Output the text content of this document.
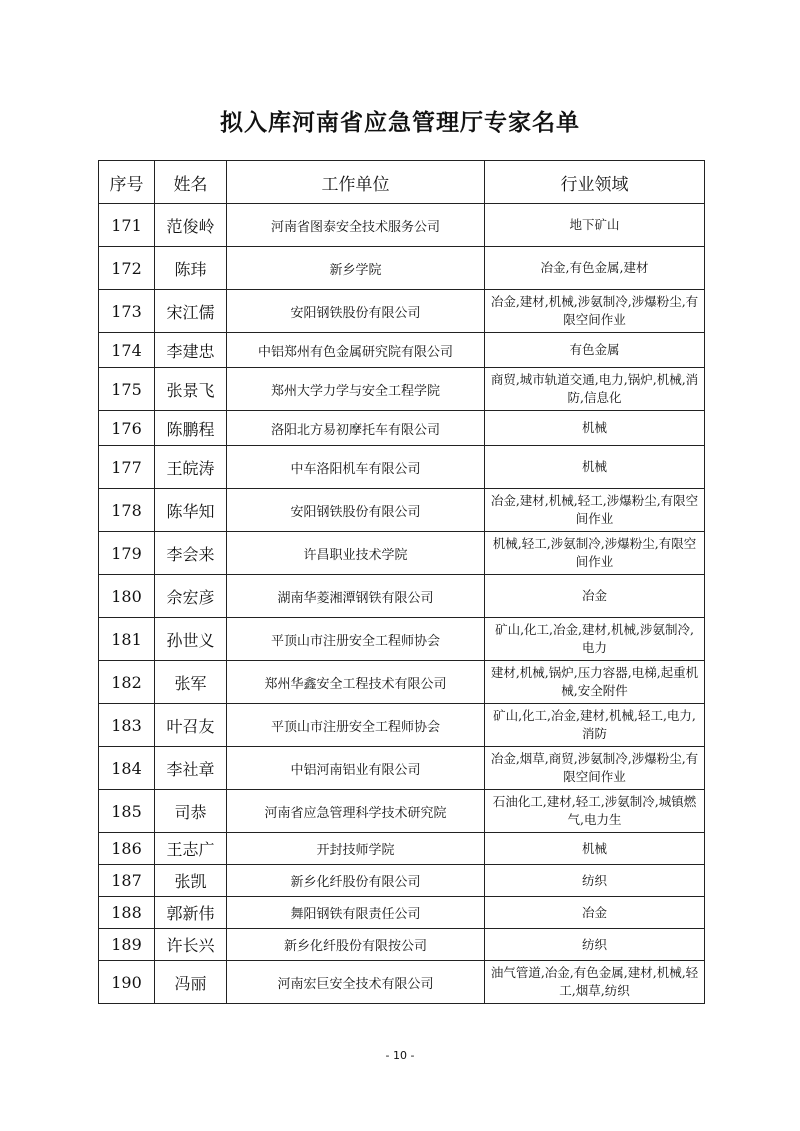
拟入库河南省应急管理厅专家名单
序号	姓名	工作单位	行业领域
171	范俊岭	河南省图泰安全技术服务公司	地下矿山
172	陈玮	新乡学院	冶金,有色金属,建材
173	宋江儒	安阳钢铁股份有限公司	冶金,建材,机械,涉氨制冷,涉爆粉尘,有限空间作业
174	李建忠	中铝郑州有色金属研究院有限公司	有色金属
175	张景飞	郑州大学力学与安全工程学院	商贸,城市轨道交通,电力,锅炉,机械,消防,信息化
176	陈鹏程	洛阳北方易初摩托车有限公司	机械
177	王皖涛	中车洛阳机车有限公司	机械
178	陈华知	安阳钢铁股份有限公司	冶金,建材,机械,轻工,涉爆粉尘,有限空间作业
179	李会来	许昌职业技术学院	机械,轻工,涉氨制冷,涉爆粉尘,有限空间作业
180	佘宏彦	湖南华菱湘潭钢铁有限公司	冶金
181	孙世义	平顶山市注册安全工程师协会	矿山,化工,冶金,建材,机械,涉氨制冷,电力
182	张军	郑州华鑫安全工程技术有限公司	建材,机械,锅炉,压力容器,电梯,起重机械,安全附件
183	叶召友	平顶山市注册安全工程师协会	矿山,化工,冶金,建材,机械,轻工,电力,消防
184	李社章	中铝河南铝业有限公司	冶金,烟草,商贸,涉氨制冷,涉爆粉尘,有限空间作业
185	司恭	河南省应急管理科学技术研究院	石油化工,建材,轻工,涉氨制冷,城镇燃气,电力生
186	王志广	开封技师学院	机械
187	张凯	新乡化纤股份有限公司	纺织
188	郭新伟	舞阳钢铁有限责任公司	冶金
189	许长兴	新乡化纤股份有限按公司	纺织
190	冯丽	河南宏巨安全技术有限公司	油气管道,冶金,有色金属,建材,机械,轻工,烟草,纺织
- 10 -
